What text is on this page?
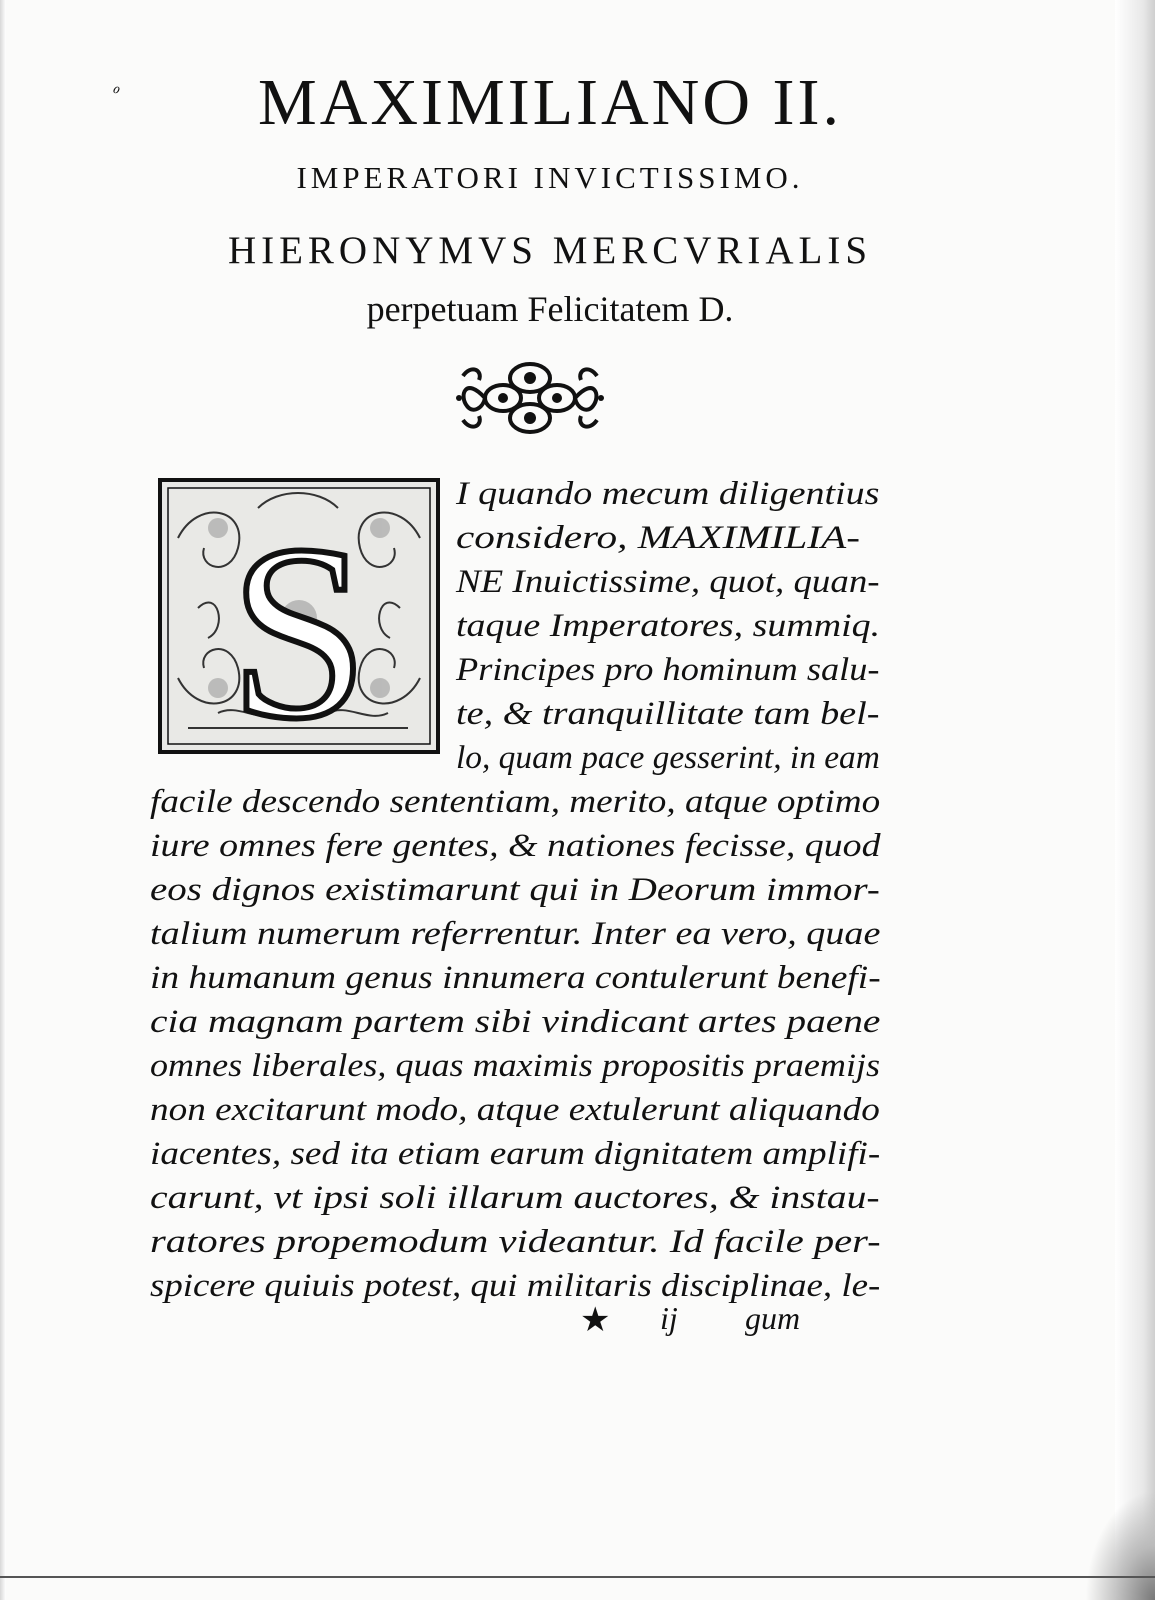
ℴ	MAXIMILIANO II.
IMPERATORI INVICTISSIMO.
HIERONYMVS MERCVRIALIS
perpetuam Felicitatem D.
S	I quando mecum diligentius
considero, MAXIMILIA-
NE Inuictissime, quot, quan-
taque Imperatores, summiq.
Principes pro hominum salu-
te, & tranquillitate tam bel-
lo, quam pace gesserint, in eam
facile descendo sententiam, merito, atque optimo
iure omnes fere gentes, & nationes fecisse, quod
eos dignos existimarunt qui in Deorum immor-
talium numerum referrentur. Inter ea vero, quae
in humanum genus innumera contulerunt benefi-
cia magnam partem sibi vindicant artes paene
omnes liberales, quas maximis propositis praemijs
non excitarunt modo, atque extulerunt aliquando
iacentes, sed ita etiam earum dignitatem amplifi-
carunt, vt ipsi soli illarum auctores, & instau-
ratores propemodum videantur. Id facile per-
spicere quiuis potest, qui militaris disciplinae, le-
★ ij gum
